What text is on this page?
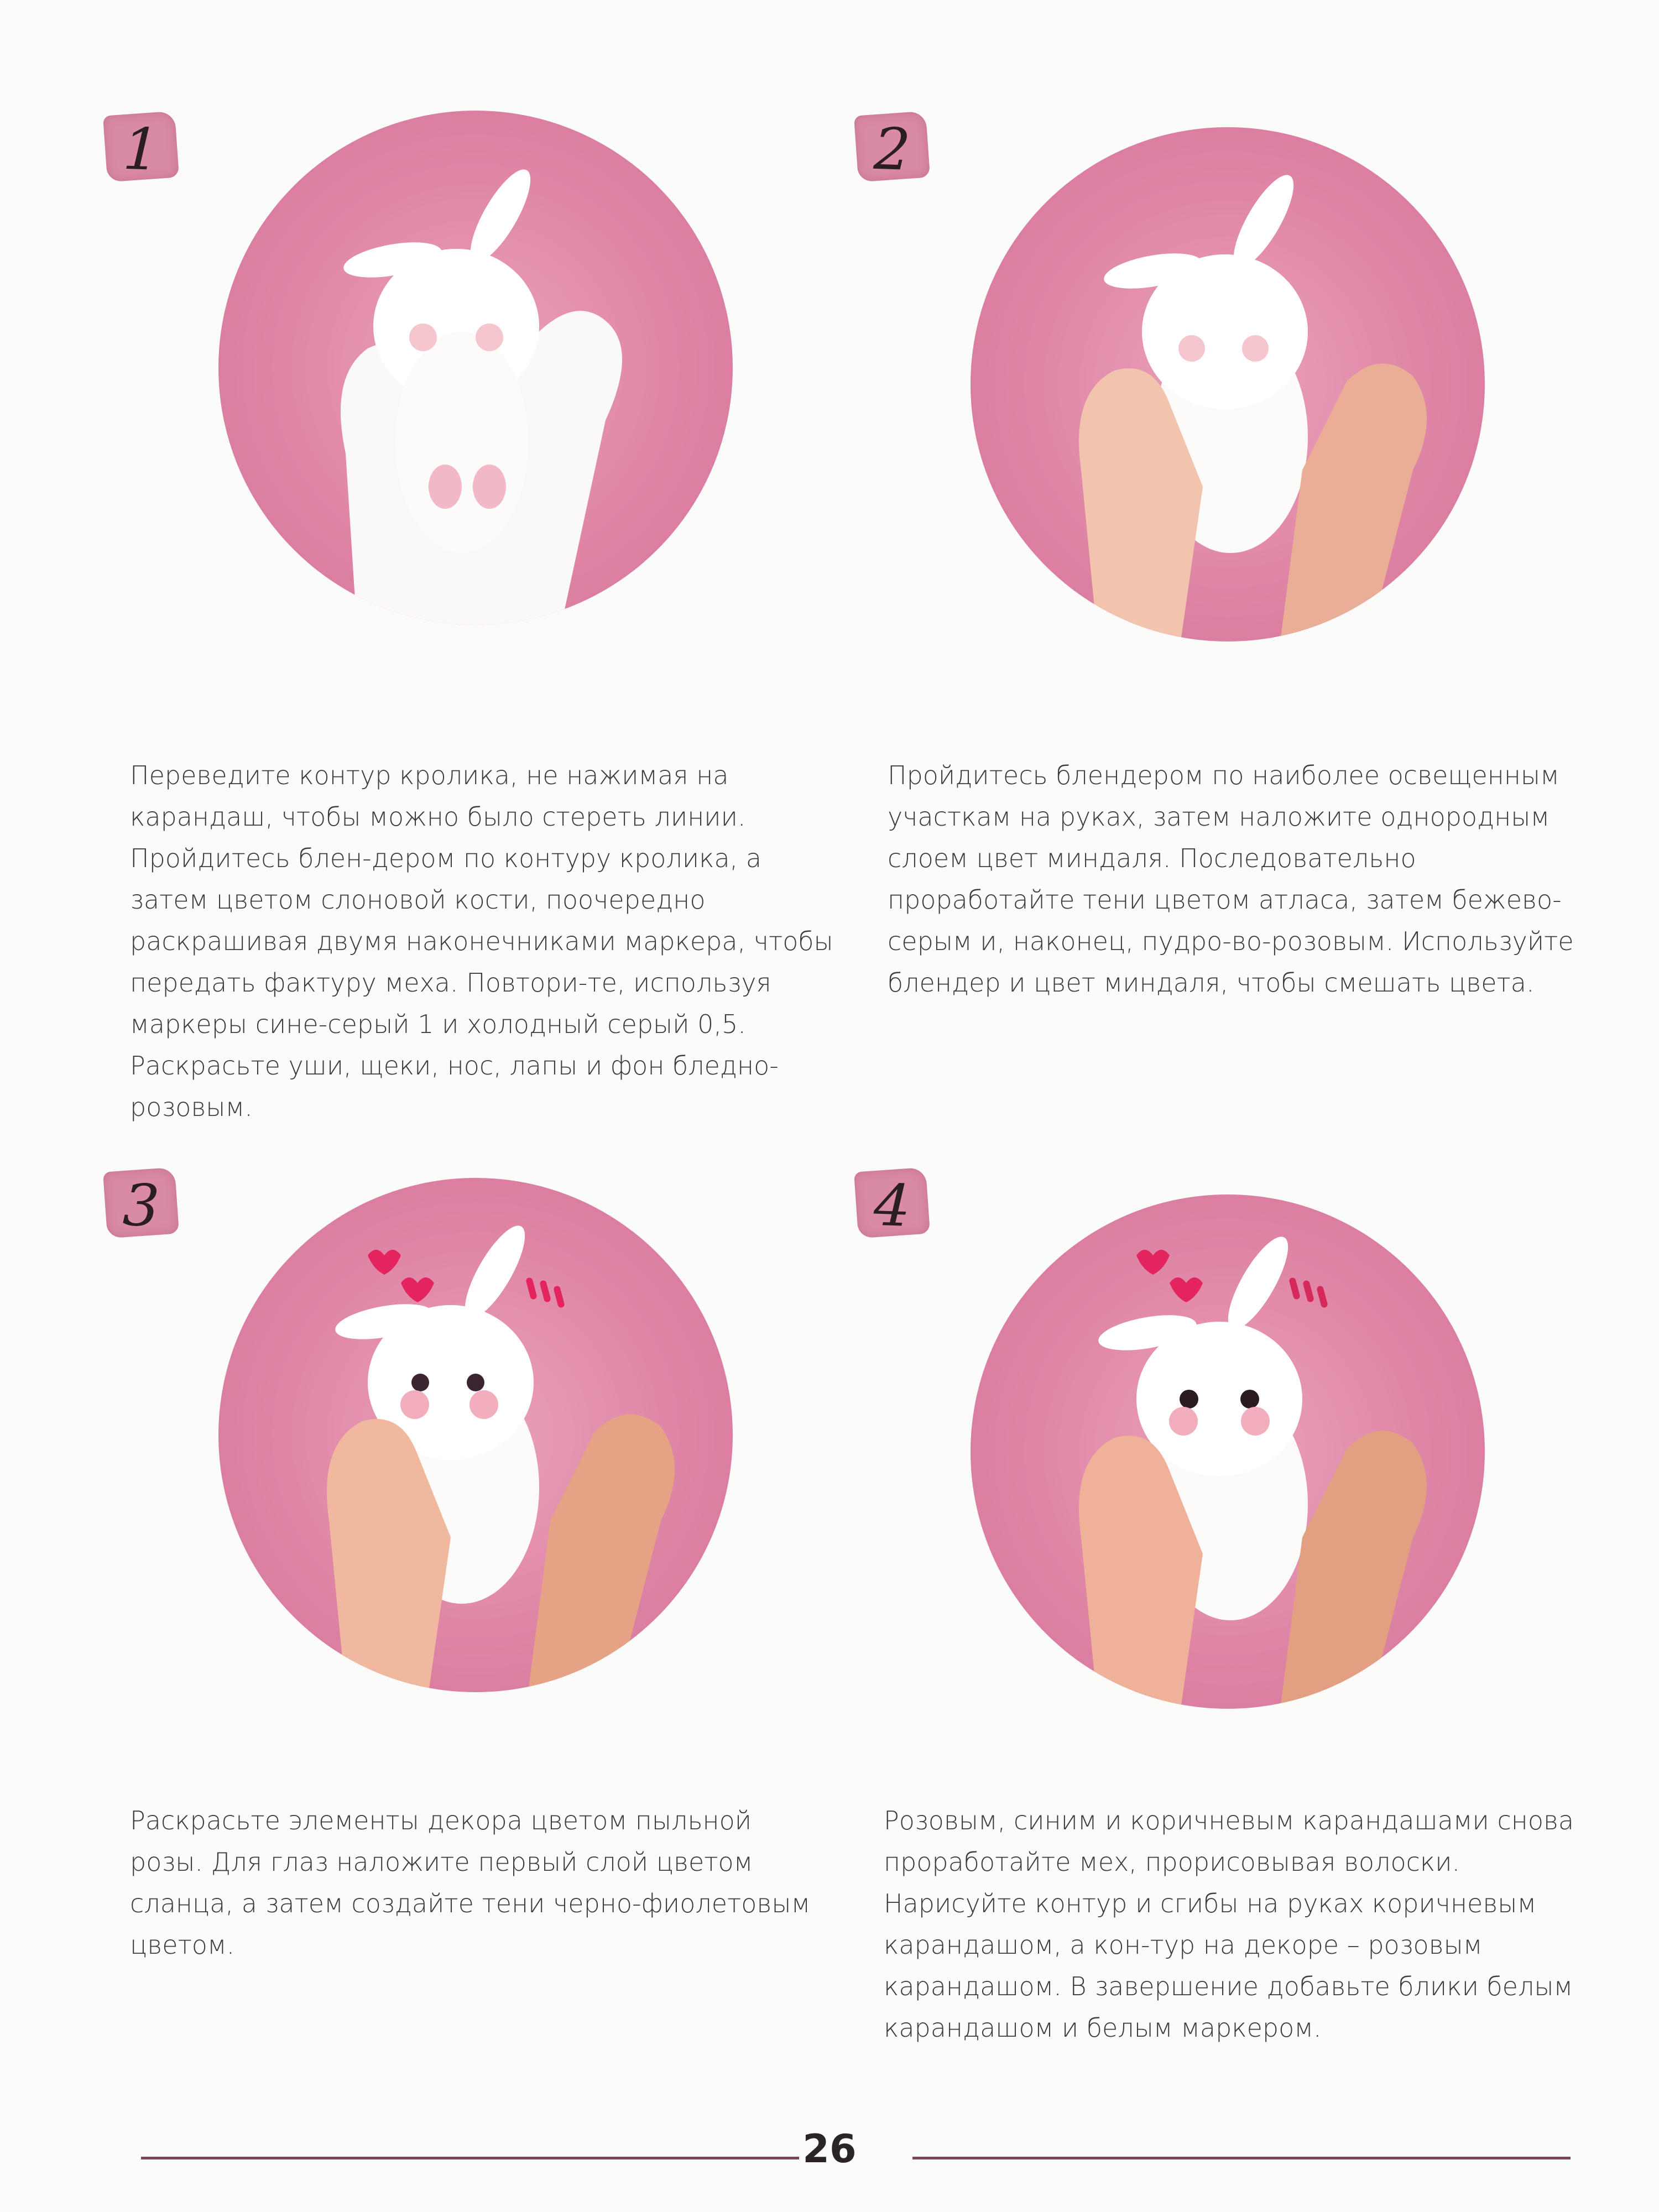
1	2
Переведите контур кролика, не нажимая на карандаш, чтобы можно было стереть линии. Пройдитесь блен-дером по контуру кролика, а затем цветом слоновой кости, поочередно раскрашивая двумя наконечниками маркера, чтобы передать фактуру меха. Повтори-те, используя маркеры сине-серый 1 и холодный серый 0,5. Раскрасьте уши, щеки, нос, лапы и фон бледно-розовым.
Пройдитесь блендером по наиболее освещенным участкам на руках, затем наложите однородным слоем цвет миндаля. Последовательно проработайте тени цветом атласа, затем бежево-серым и, наконец, пудро-во-розовым. Используйте блендер и цвет миндаля, чтобы смешать цвета.
3	4
Раскрасьте элементы декора цветом пыльной розы. Для глаз наложите первый слой цветом сланца, а затем создайте тени черно-фиолетовым цветом.
Розовым, синим и коричневым карандашами снова проработайте мех, прорисовывая волоски. Нарисуйте контур и сгибы на руках коричневым карандашом, а кон-тур на декоре – розовым карандашом. В завершение добавьте блики белым карандашом и белым маркером.
26
